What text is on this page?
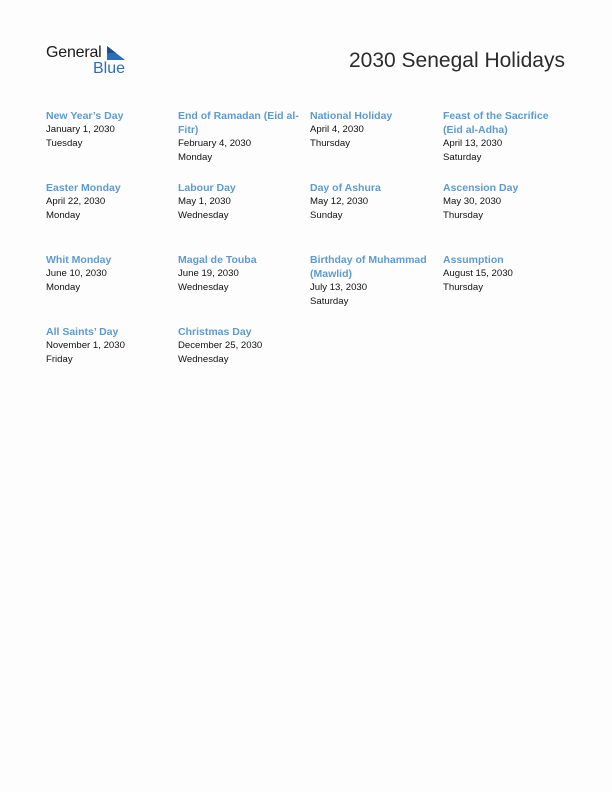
General
Blue	2030 Senegal Holidays
New Year’s Day
January 1, 2030
Tuesday
End of Ramadan (Eid al-Fitr)
February 4, 2030
Monday
National Holiday
April 4, 2030
Thursday
Feast of the Sacrifice (Eid al-Adha)
April 13, 2030
Saturday
Easter Monday
April 22, 2030
Monday
Labour Day
May 1, 2030
Wednesday
Day of Ashura
May 12, 2030
Sunday
Ascension Day
May 30, 2030
Thursday
Whit Monday
June 10, 2030
Monday
Magal de Touba
June 19, 2030
Wednesday
Birthday of Muhammad (Mawlid)
July 13, 2030
Saturday
Assumption
August 15, 2030
Thursday
All Saints’ Day
November 1, 2030
Friday
Christmas Day
December 25, 2030
Wednesday
